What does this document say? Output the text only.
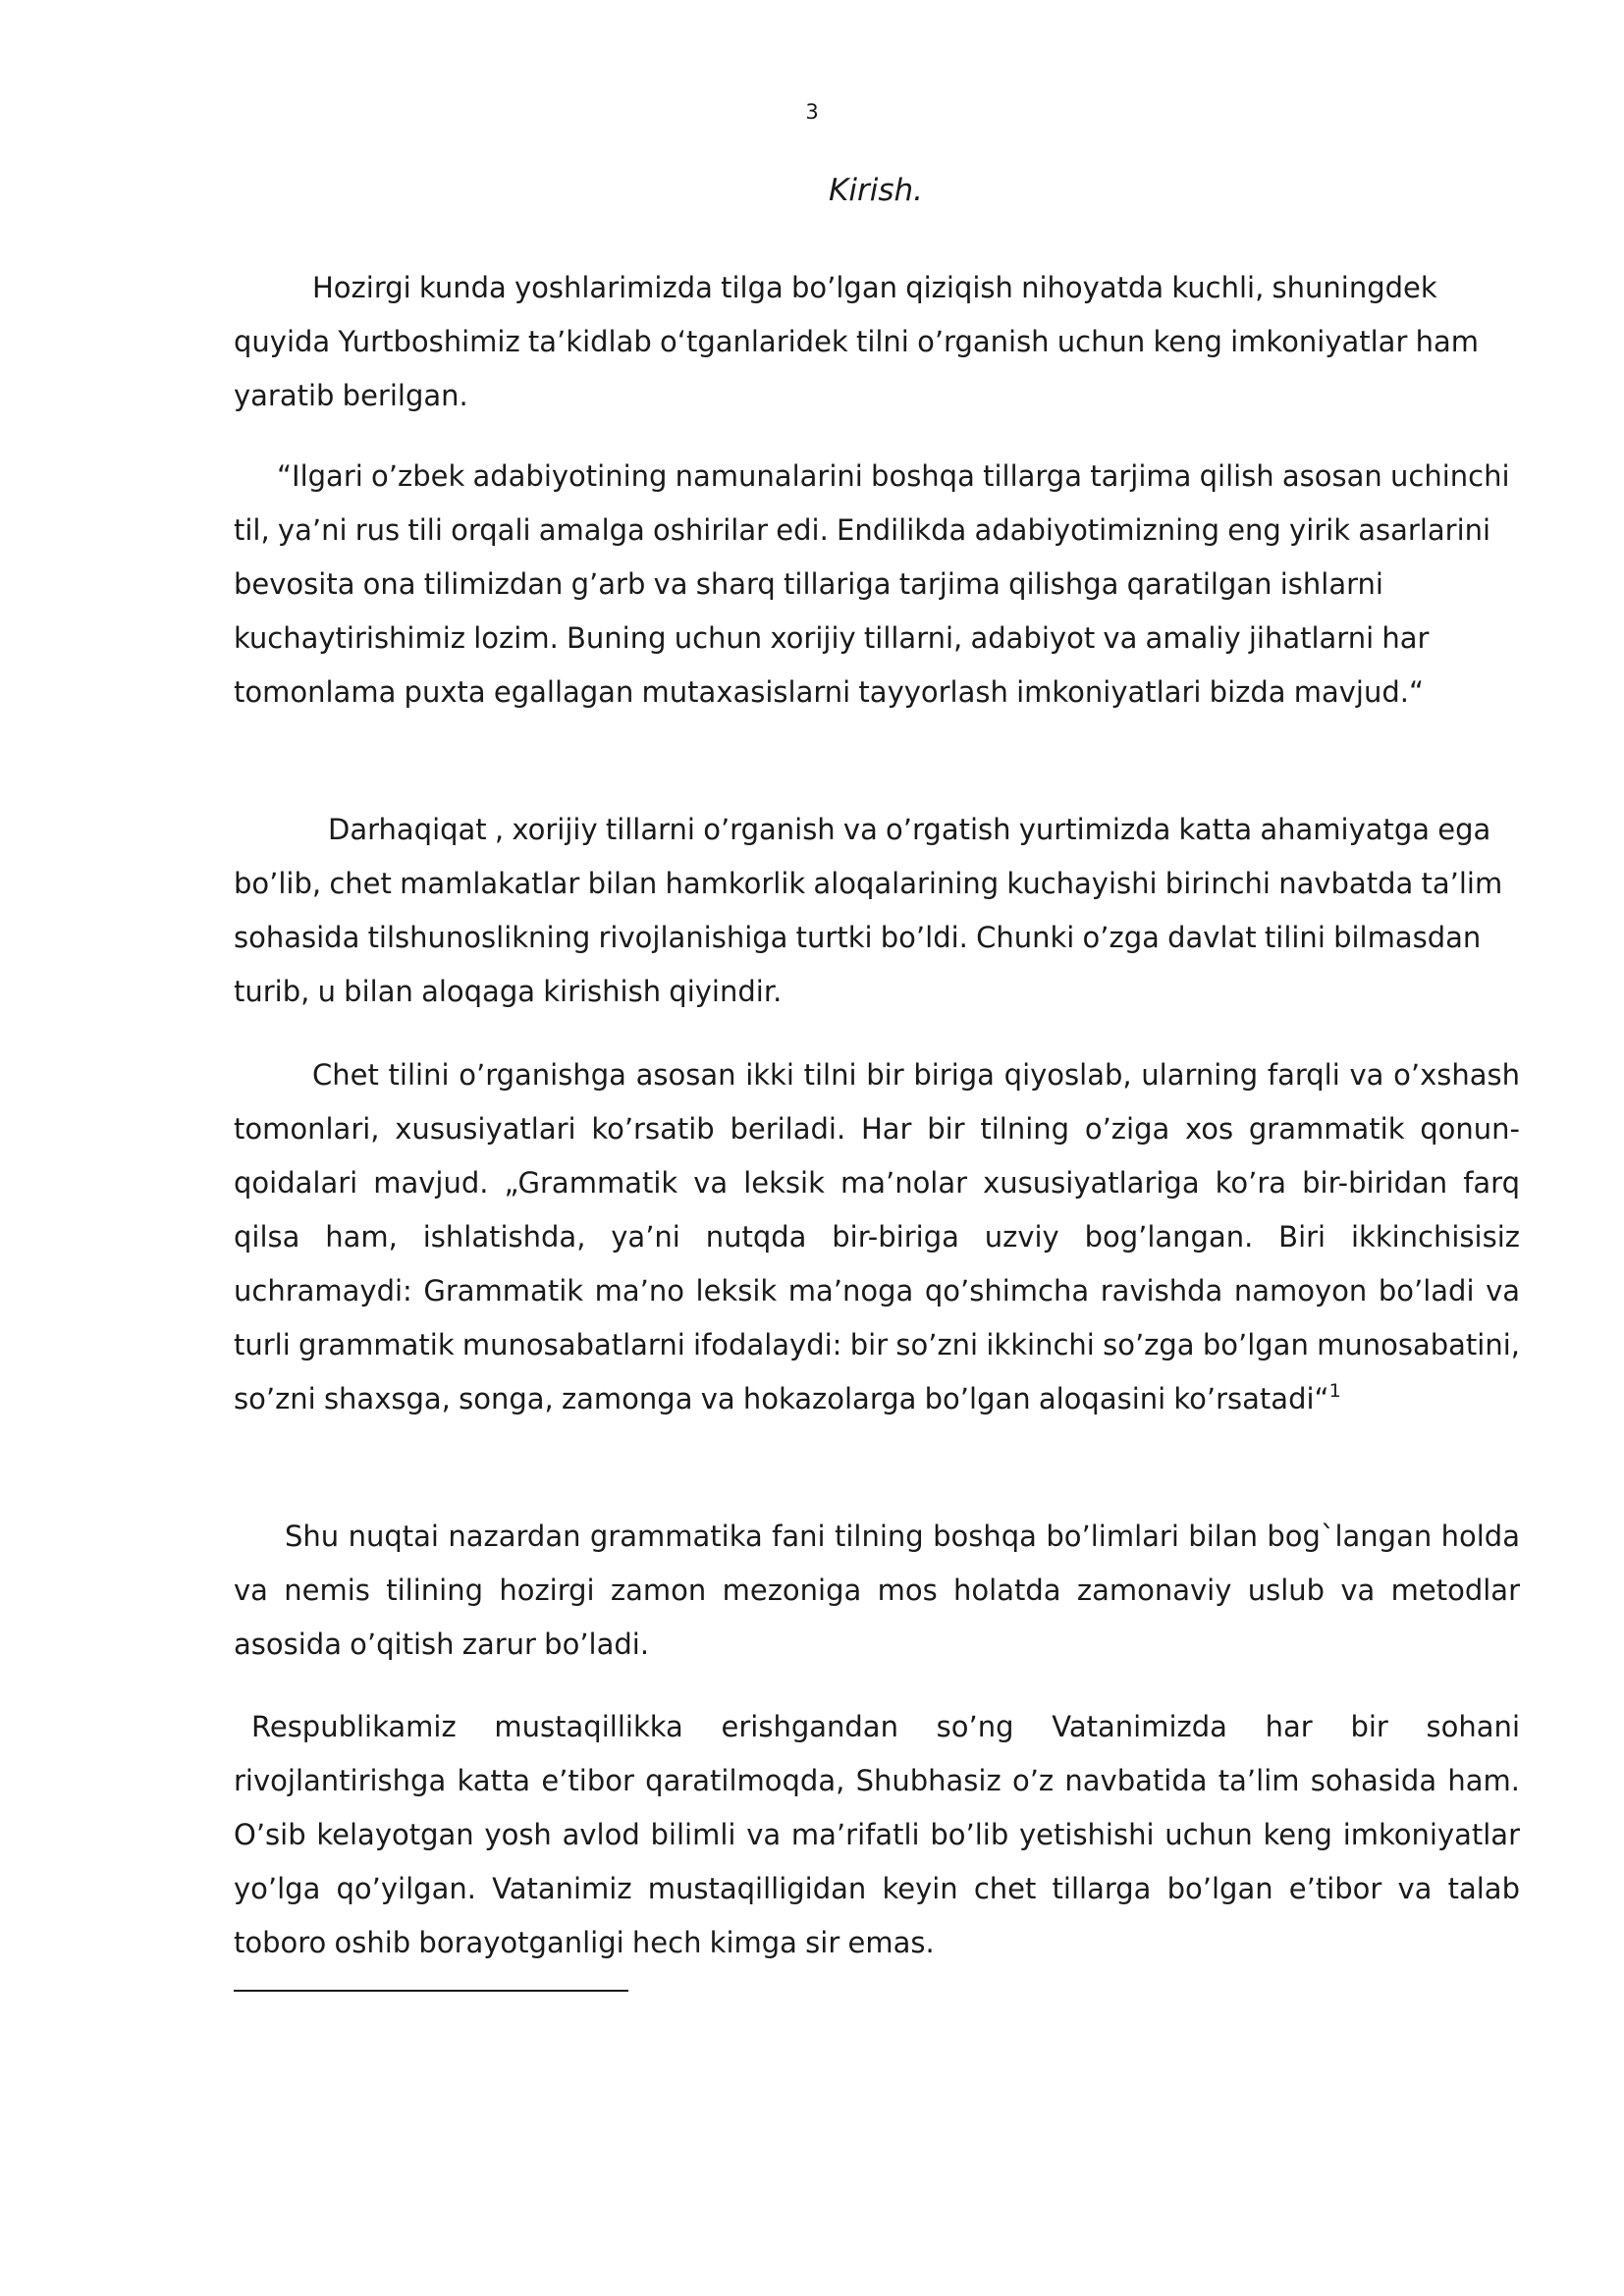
3
Kirish.

Hozirgi kunda yoshlarimizda tilga bo’lgan qiziqish nihoyatda kuchli, shuningdek quyida Yurtboshimiz ta’kidlab o‘tganlaridek tilni o’rganish uchun keng imkoniyatlar ham yaratib berilgan.

“Ilgari o’zbek adabiyotining namunalarini boshqa tillarga tarjima qilish asosan uchinchi til, ya’ni rus tili orqali amalga oshirilar edi. Endilikda adabiyotimizning eng yirik asarlarini bevosita ona tilimizdan g’arb va sharq tillariga tarjima qilishga qaratilgan ishlarni kuchaytirishimiz lozim. Buning uchun xorijiy tillarni, adabiyot va amaliy jihatlarni har tomonlama puxta egallagan mutaxasislarni tayyorlash imkoniyatlari bizda mavjud.“

Darhaqiqat , xorijiy tillarni o’rganish va o’rgatish yurtimizda katta ahamiyatga ega bo’lib, chet mamlakatlar bilan hamkorlik aloqalarining kuchayishi birinchi navbatda ta’lim sohasida tilshunoslikning rivojlanishiga turtki bo’ldi. Chunki o’zga davlat tilini bilmasdan turib, u bilan aloqaga kirishish qiyindir.

Chet tilini o’rganishga asosan ikki tilni bir biriga qiyoslab, ularning farqli va o’xshash tomonlari, xususiyatlari ko’rsatib beriladi. Har bir tilning o’ziga xos grammatik qonun-qoidalari mavjud. „Grammatik va leksik ma’nolar xususiyatlariga ko’ra bir-biridan farq qilsa ham, ishlatishda, ya’ni nutqda bir-biriga uzviy bog’langan. Biri ikkinchisisiz uchramaydi: Grammatik ma’no leksik ma’noga qo’shimcha ravishda namoyon bo’ladi va turli grammatik munosabatlarni ifodalaydi: bir so’zni ikkinchi so’zga bo’lgan munosabatini, so’zni shaxsga, songa, zamonga va hokazolarga bo’lgan aloqasini ko’rsatadi“$^1$

Shu nuqtai nazardan grammatika fani tilning boshqa bo’limlari bilan bog`langan holda va nemis tilining hozirgi zamon mezoniga mos holatda zamonaviy uslub va metodlar asosida o’qitish zarur bo’ladi.

Respublikamiz mustaqillikka erishgandan so’ng Vatanimizda har bir sohani rivojlantirishga katta e’tibor qaratilmoqda, Shubhasiz o’z navbatida ta’lim sohasida ham. O’sib kelayotgan yosh avlod bilimli va ma’rifatli bo’lib yetishishi uchun keng imkoniyatlar yo’lga qo’yilgan. Vatanimiz mustaqilligidan keyin chet tillarga bo’lgan e’tibor va talab toboro oshib borayotganligi hech kimga sir emas.
